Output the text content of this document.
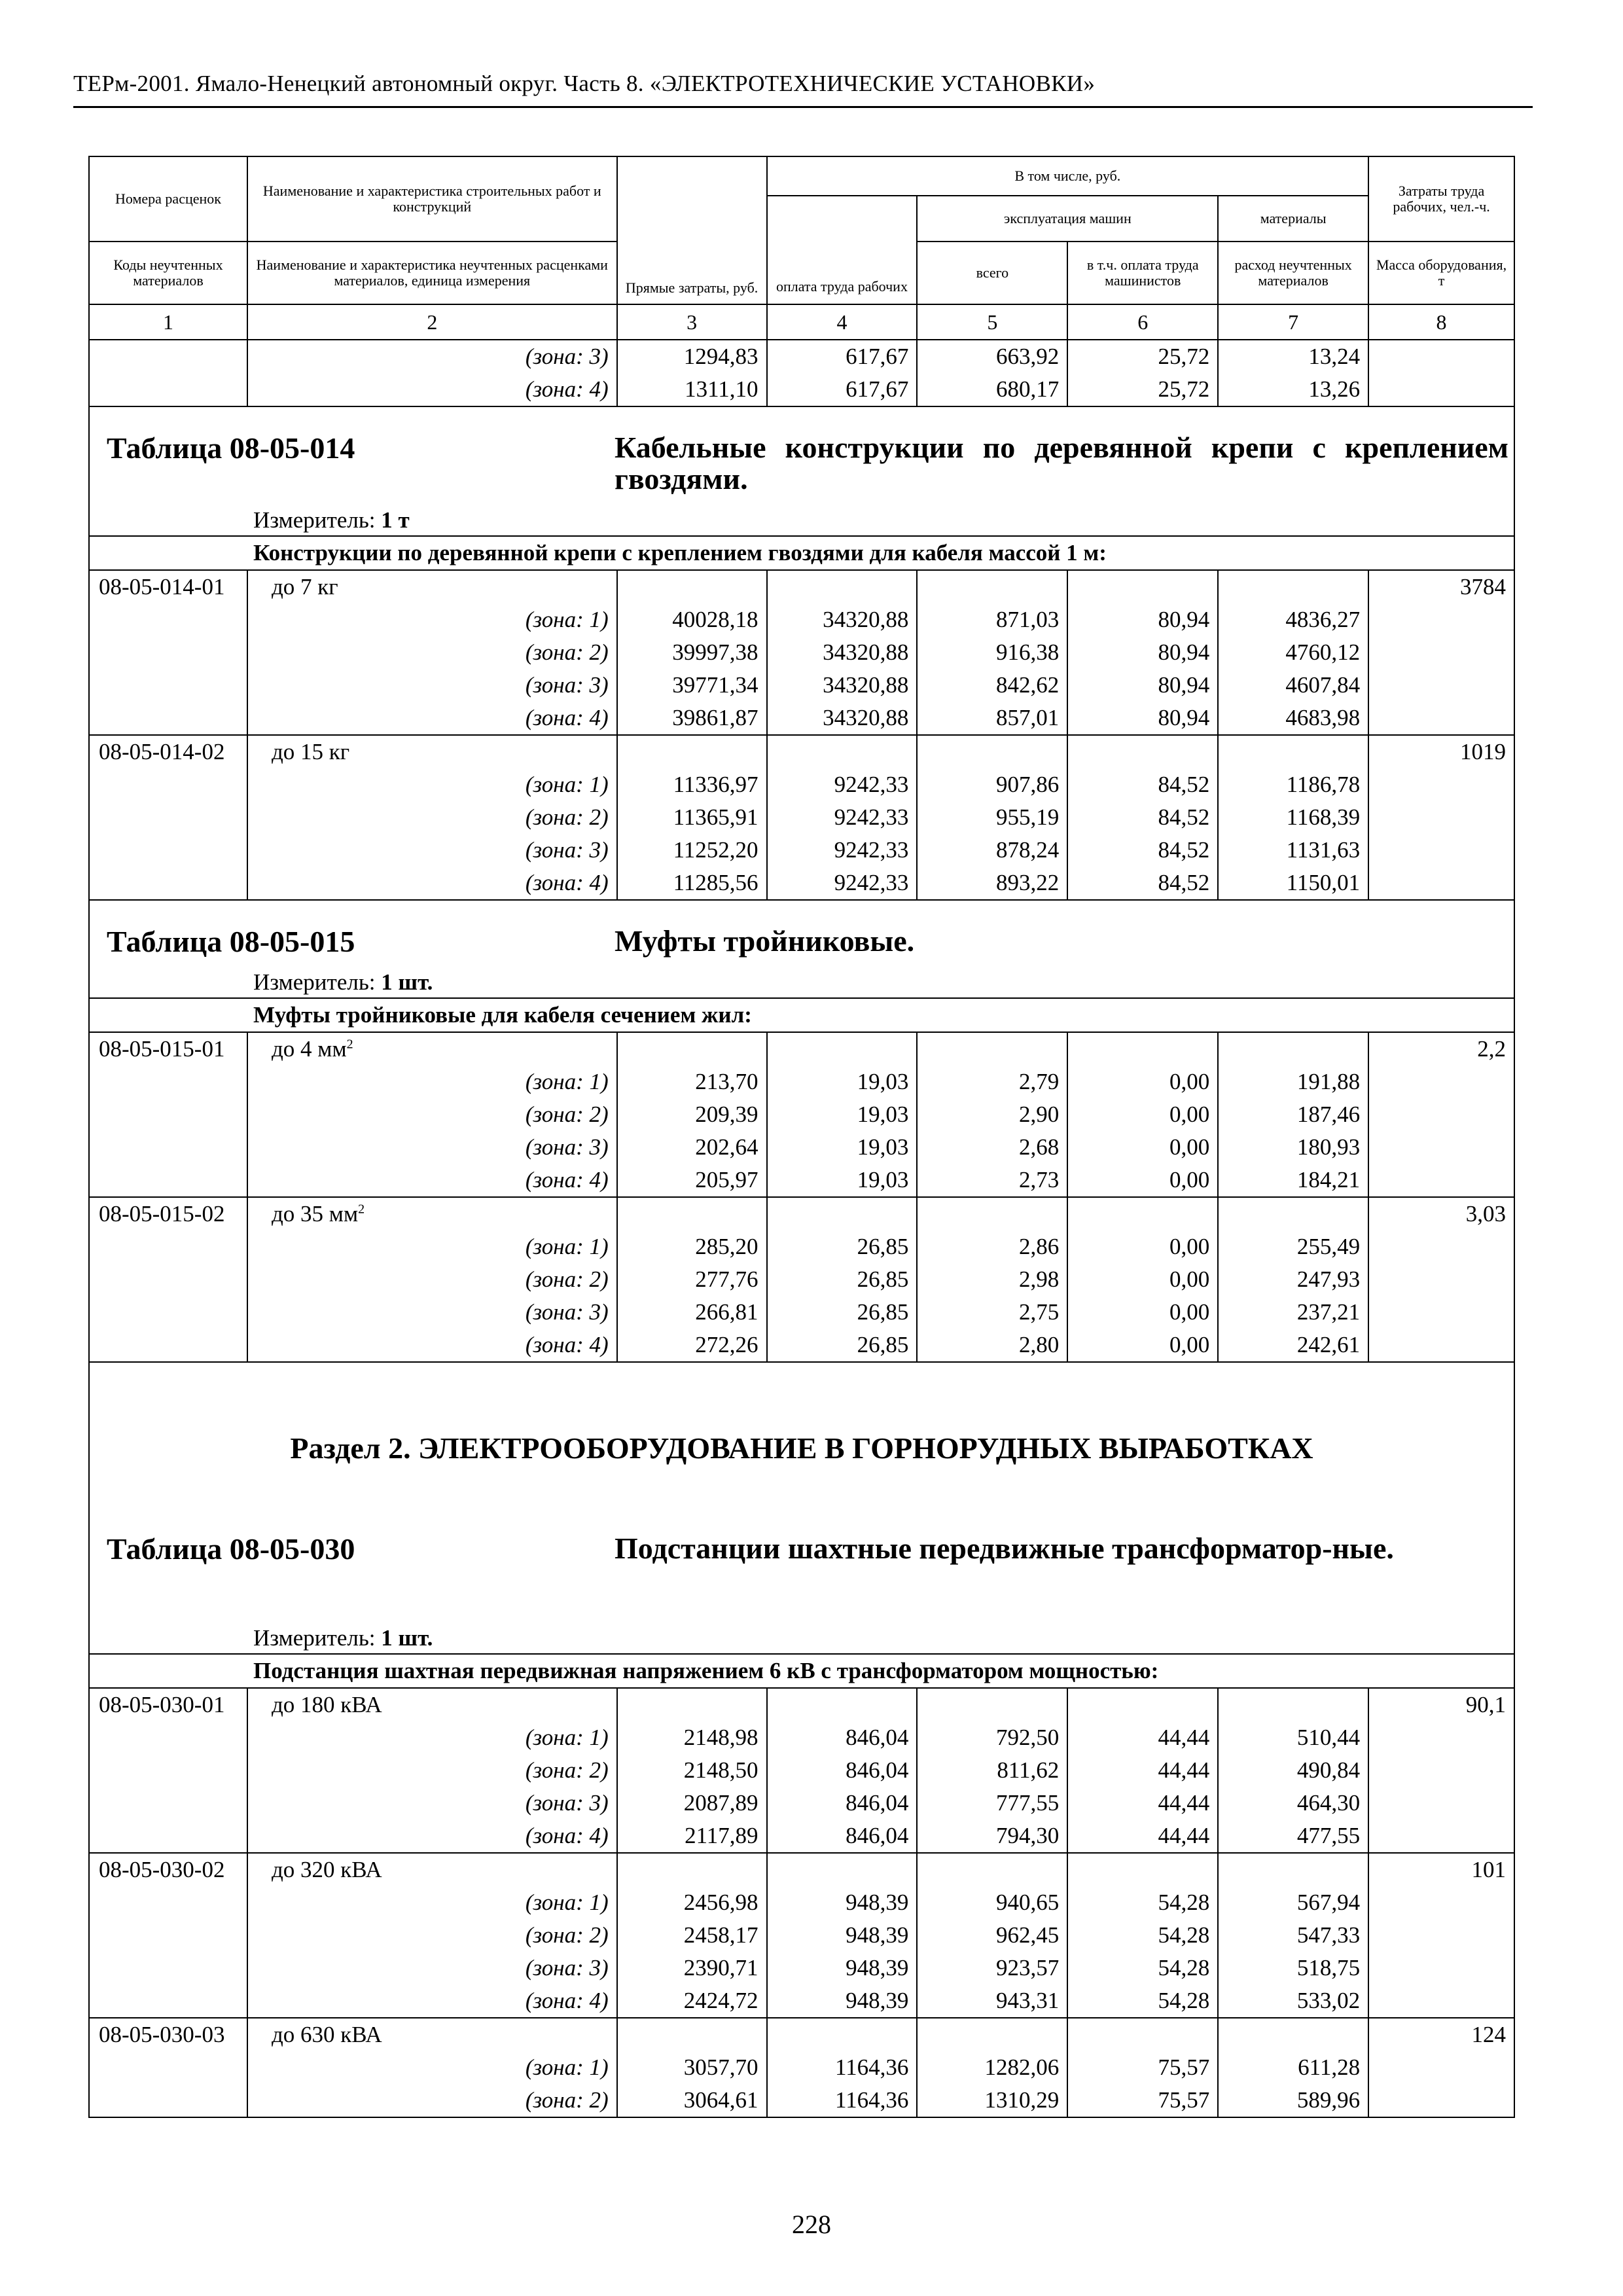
ТЕРм-2001. Ямало-Ненецкий автономный округ. Часть 8. «ЭЛЕКТРОТЕХНИЧЕСКИЕ УСТАНОВКИ»
Номера расценок	Наименование и характеристика строительных работ и конструкций	Прямые затраты, руб.	В том числе, руб.				Затраты труда рабочих, чел.-ч.
			оплата труда рабочих	эксплуатация машин		материалы	
Коды неучтенных материалов	Наименование и характеристика неучтенных расценками материалов, единица измерения			всего	в т.ч. оплата труда машинистов	расход неучтенных материалов	Масса оборудования, т
1	2	3	4	5	6	7	8
	(зона: 3)	1294,83	617,67	663,92	25,72	13,24	
	(зона: 4)	1311,10	617,67	680,17	25,72	13,26	

Таблица 08-05-014 Кабельные конструкции по деревянной крепи с креплением гвоздями.
Измеритель: 1 т							

Конструкции по деревянной крепи с креплением гвоздями для кабеля массой 1 м:							
08-05-014-01	до 7 кг						3784
	(зона: 1)	40028,18	34320,88	871,03	80,94	4836,27	
	(зона: 2)	39997,38	34320,88	916,38	80,94	4760,12	
	(зона: 3)	39771,34	34320,88	842,62	80,94	4607,84	
	(зона: 4)	39861,87	34320,88	857,01	80,94	4683,98	
08-05-014-02	до 15 кг						1019
	(зона: 1)	11336,97	9242,33	907,86	84,52	1186,78	
	(зона: 2)	11365,91	9242,33	955,19	84,52	1168,39	
	(зона: 3)	11252,20	9242,33	878,24	84,52	1131,63	
	(зона: 4)	11285,56	9242,33	893,22	84,52	1150,01	

Таблица 08-05-015 Муфты тройниковые.
Измеритель: 1 шт.							

Муфты тройниковые для кабеля сечением жил:							
08-05-015-01	до 4 $мм^2$						2,2
	(зона: 1)	213,70	19,03	2,79	0,00	191,88	
	(зона: 2)	209,39	19,03	2,90	0,00	187,46	
	(зона: 3)	202,64	19,03	2,68	0,00	180,93	
	(зона: 4)	205,97	19,03	2,73	0,00	184,21	
08-05-015-02	до 35 $мм^2$						3,03
	(зона: 1)	285,20	26,85	2,86	0,00	255,49	
	(зона: 2)	277,76	26,85	2,98	0,00	247,93	
	(зона: 3)	266,81	26,85	2,75	0,00	237,21	
	(зона: 4)	272,26	26,85	2,80	0,00	242,61	

Раздел 2. ЭЛЕКТРООБОРУДОВАНИЕ В ГОРНОРУДНЫХ ВЫРАБОТКАХ
Таблица 08-05-030 Подстанции шахтные передвижные трансформатор-ные.
Измеритель: 1 шт.							

Подстанция шахтная передвижная напряжением 6 кВ с трансформатором мощностью:							
08-05-030-01	до 180 кВА						90,1
	(зона: 1)	2148,98	846,04	792,50	44,44	510,44	
	(зона: 2)	2148,50	846,04	811,62	44,44	490,84	
	(зона: 3)	2087,89	846,04	777,55	44,44	464,30	
	(зона: 4)	2117,89	846,04	794,30	44,44	477,55	
08-05-030-02	до 320 кВА						101
	(зона: 1)	2456,98	948,39	940,65	54,28	567,94	
	(зона: 2)	2458,17	948,39	962,45	54,28	547,33	
	(зона: 3)	2390,71	948,39	923,57	54,28	518,75	
	(зона: 4)	2424,72	948,39	943,31	54,28	533,02	
08-05-030-03	до 630 кВА						124
	(зона: 1)	3057,70	1164,36	1282,06	75,57	611,28	
	(зона: 2)	3064,61	1164,36	1310,29	75,57	589,96	
228
